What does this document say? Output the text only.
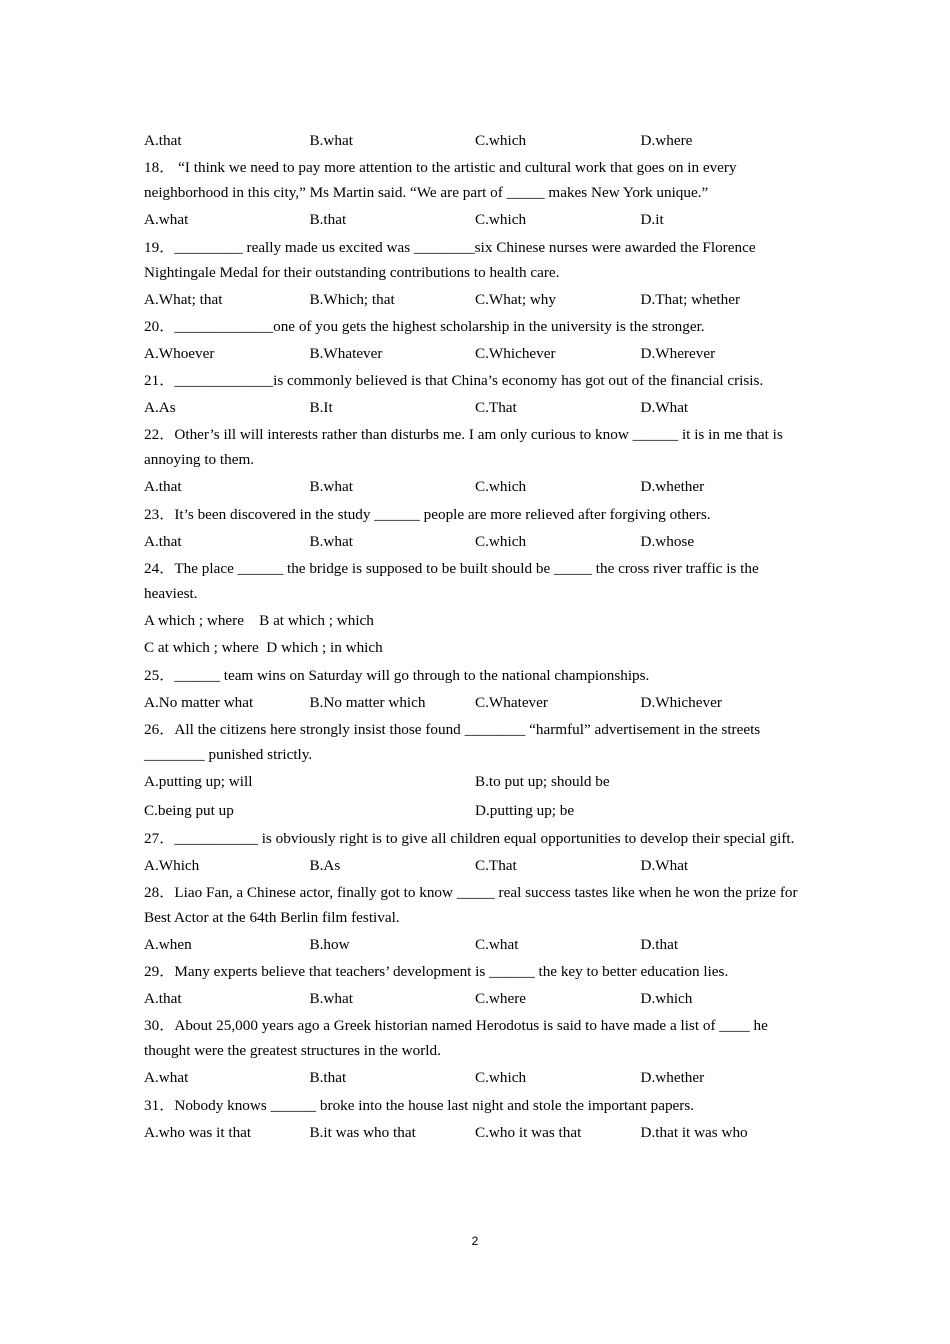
A.that	B.what	C.which	D.where
18． “I think we need to pay more attention to the artistic and cultural work that goes on in every neighborhood in this city,” Ms Martin said. “We are part of _____ makes New York unique.”
A.what	B.that	C.which	D.it
19．_________ really made us excited was ________six Chinese nurses were awarded the Florence Nightingale Medal for their outstanding contributions to health care.
A.What; that	B.Which; that	C.What; why	D.That; whether
20．_____________one of you gets the highest scholarship in the university is the stronger.
A.Whoever	B.Whatever	C.Whichever	D.Wherever
21．_____________is commonly believed is that China’s economy has got out of the financial crisis.
A.As	B.It	C.That	D.What
22．Other’s ill will interests rather than disturbs me. I am only curious to know ______ it is in me that is annoying to them.
A.that	B.what	C.which	D.whether
23．It’s been discovered in the study ______ people are more relieved after forgiving others.
A.that	B.what	C.which	D.whose
24．The place ______ the bridge is supposed to be built should be _____ the cross river traffic is the heaviest.
A which ; where    B at which ; which
C at which ; where  D which ; in which
25．______ team wins on Saturday will go through to the national championships.
A.No matter what	B.No matter which	C.Whatever	D.Whichever
26．All the citizens here strongly insist those found ________ “harmful” advertisement in the streets ________ punished strictly.
A.putting up; will	B.to put up; should be
C.being put up	D.putting up; be
27．___________ is obviously right is to give all children equal opportunities to develop their special gift.
A.Which	B.As	C.That	D.What
28．Liao Fan, a Chinese actor, finally got to know _____ real success tastes like when he won the prize for Best Actor at the 64th Berlin film festival.
A.when	B.how	C.what	D.that
29．Many experts believe that teachers’ development is ______ the key to better education lies.
A.that	B.what	C.where	D.which
30．About 25,000 years ago a Greek historian named Herodotus is said to have made a list of ____ he thought were the greatest structures in the world.
A.what	B.that	C.which	D.whether
31．Nobody knows ______ broke into the house last night and stole the important papers.
A.who was it that	B.it was who that	C.who it was that	D.that it was who
2
